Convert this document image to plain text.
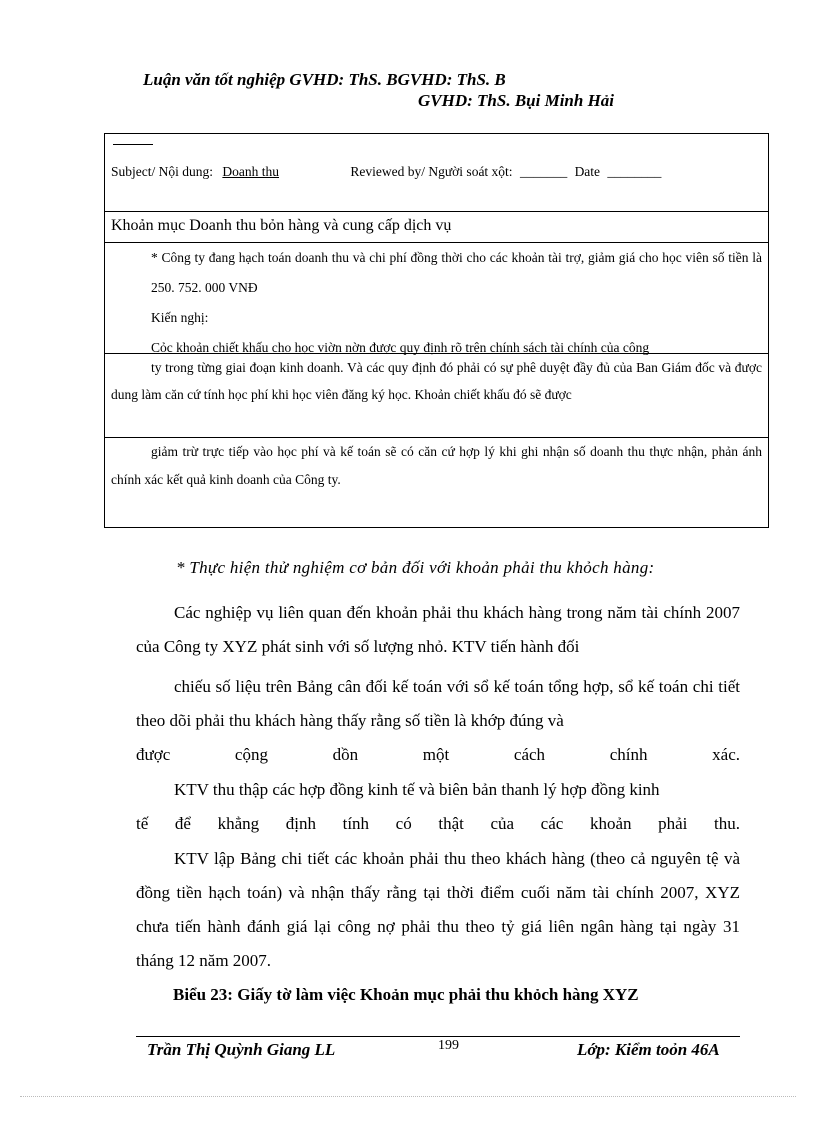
Luận văn tốt nghiệp GVHD: ThS. BGVHD: ThS. B
GVHD: ThS. Bụi Minh Hải
Subject/ Nội dung: Doanh thu	Reviewed by/ Người soát xột: _______ Date ________
Khoản mục Doanh thu bỏn hàng và cung cấp dịch vụ
* Công ty đang hạch toán doanh thu và chi phí đồng thời cho các khoản tài trợ, giảm giá cho học viên số tiền là 250. 752. 000 VNĐ
Kiến nghị:
Cỏc khoản chiết khấu cho học viờn nờn được quy định rõ trên chính sách tài chính của công
ty trong từng giai đoạn kinh doanh. Và các quy định đó phải có sự phê duyệt đầy đủ của Ban Giám đốc và được dung làm căn cứ tính học phí khi học viên đăng ký học. Khoản chiết khấu đó sẽ được
giảm trừ trực tiếp vào học phí và kế toán sẽ có căn cứ hợp lý khi ghi nhận số doanh thu thực nhận, phản ánh chính xác kết quả kinh doanh của Công ty.
* Thực hiện thử nghiệm cơ bản đối với khoản phải thu khỏch hàng:

Các nghiệp vụ liên quan đến khoản phải thu khách hàng trong năm tài chính 2007 của Công ty XYZ phát sinh với số lượng nhỏ. KTV tiến hành đối

chiếu số liệu trên Bảng cân đối kế toán với sổ kế toán tổng hợp, sổ kế toán chi tiết theo dõi phải thu khách hàng thấy rằng số tiền là khớp đúng và

được cộng dồn một cách chính xác.

KTV thu thập các hợp đồng kinh tế và biên bản thanh lý hợp đồng kinh

tế để khẳng định tính có thật của các khoản phải thu.

KTV lập Bảng chi tiết các khoản phải thu theo khách hàng (theo cả nguyên tệ và đồng tiền hạch toán) và nhận thấy rằng tại thời điểm cuối năm tài chính 2007, XYZ chưa tiến hành đánh giá lại công nợ phải thu theo tỷ giá liên ngân hàng tại ngày 31 tháng 12 năm 2007.

Biểu 23: Giấy tờ làm việc Khoản mục phải thu khỏch hàng XYZ
Trần Thị Quỳnh Giang LL	199	Lớp: Kiểm toỏn 46A
